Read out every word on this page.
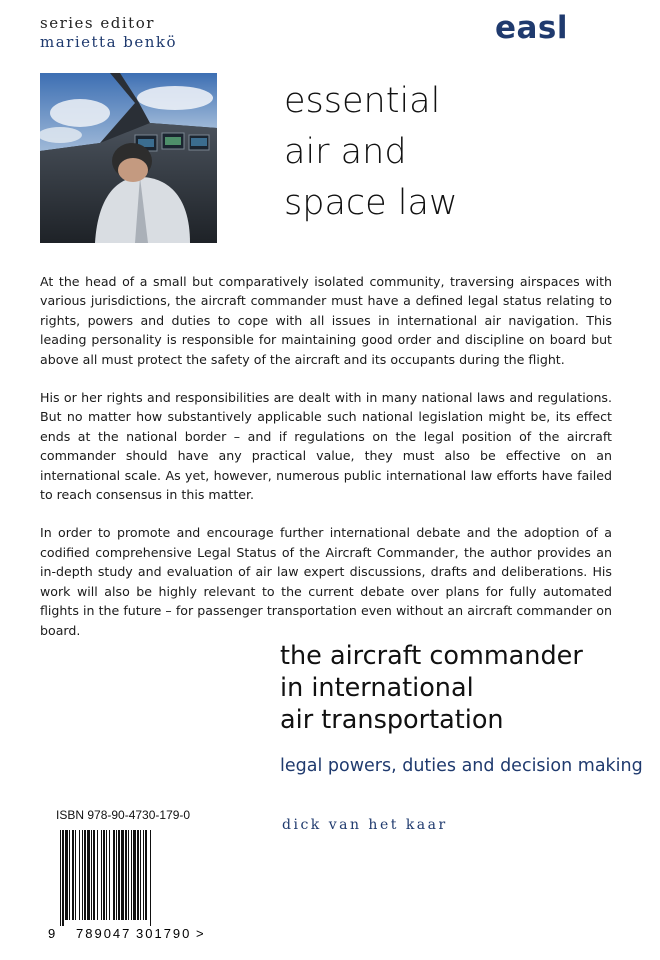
series editor
marietta benkö	easl
essential
air and
space law

At the head of a small but comparatively isolated community, traversing airspaces with various jurisdictions, the aircraft commander must have a defined legal status relating to rights, powers and duties to cope with all issues in international air navigation. This leading personality is responsible for maintaining good order and discipline on board but above all must protect the safety of the aircraft and its occupants during the flight.

His or her rights and responsibilities are dealt with in many national laws and regulations. But no matter how substantively applicable such national legislation might be, its effect ends at the national border – and if regulations on the legal position of the aircraft commander should have any practical value, they must also be effective on an international scale. As yet, however, numerous public international law efforts have failed to reach consensus in this matter.

In order to promote and encourage further international debate and the adoption of a codified comprehensive Legal Status of the Aircraft Commander, the author provides an in-depth study and evaluation of air law expert discussions, drafts and deliberations. His work will also be highly relevant to the current debate over plans for fully automated flights in the future – for passenger transportation even without an aircraft commander on board.

the aircraft commander
in international
air transportation
legal powers, duties and decision making
dick van het kaar
ISBN 978-90-4730-179-0
9 789047 301790 >
